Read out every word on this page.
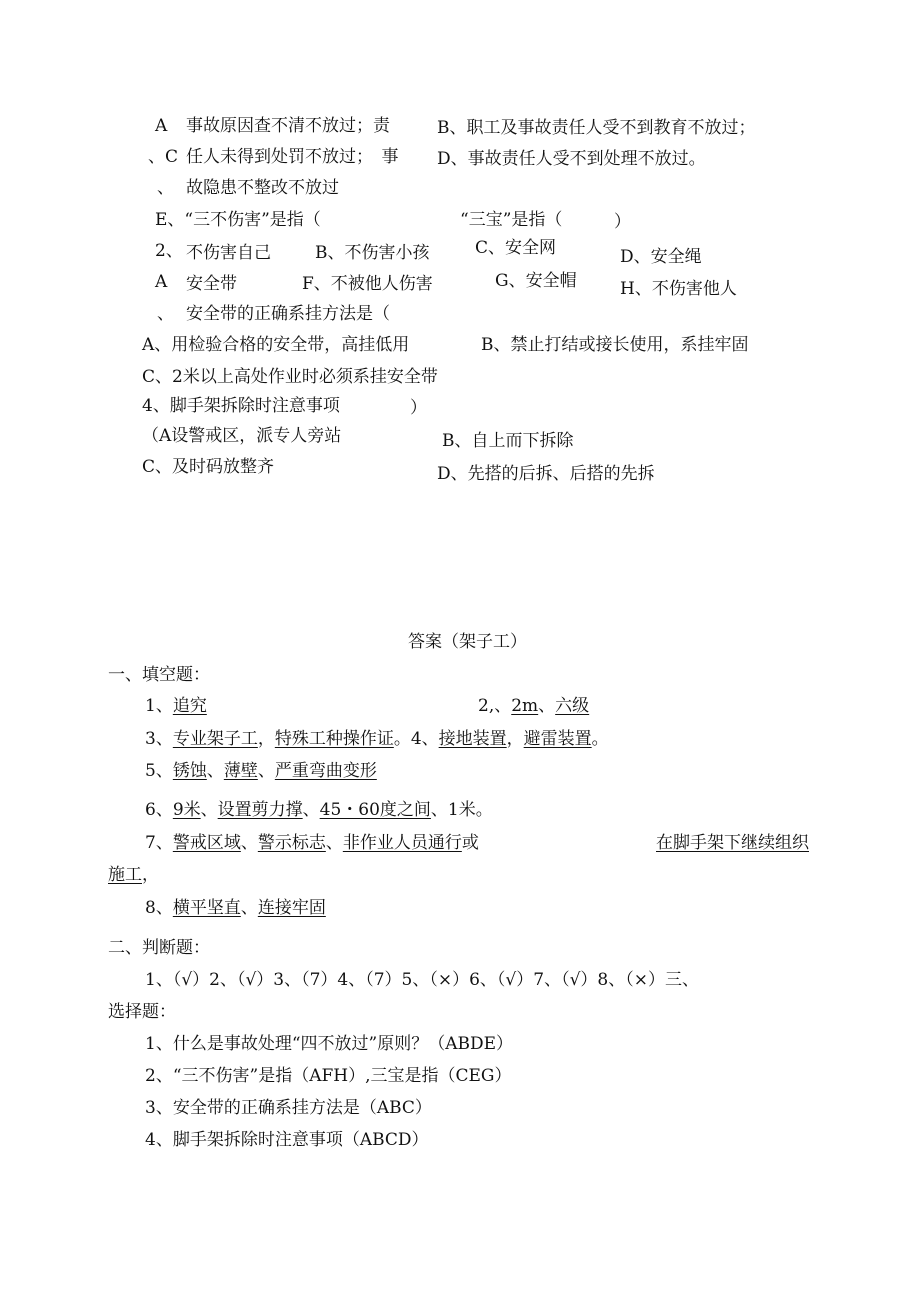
A 事故原因查不清不放过；责	B、职工及事故责任人受不到教育不放过；
、C 任人未得到处罚不放过；　事 D、事故责任人受不到处理不放过。
、 故隐患不整改不放过
E、“三不伤害”是指（	“三宝”是指（	）
2、 不伤害自己	B、不伤害小孩	C、安全网	D、安全绳
A 安全带	F、不被他人伤害	G、安全帽	H、不伤害他人
、 安全带的正确系挂方法是（
A、用检验合格的安全带，高挂低用	B、禁止打结或接长使用，系挂牢固
C、2米以上高处作业时必须系挂安全带
4、脚手架拆除时注意事项	）
（A设警戒区，派专人旁站	B、自上而下拆除
C、及时码放整齐	D、先搭的后拆、后搭的先拆
答案（架子工）
一、填空题：
1、追究	2,、2m、六级
3、专业架子工，特殊工种操作证。4、接地装置，避雷装置。
5、锈蚀、薄壁、严重弯曲变形
6、9米、设置剪力撑、45・60度之间、1米。
7、警戒区域、警示标志、非作业人员通行或	在脚手架下继续组织
施工，
8、横平坚直、连接牢固
二、判断题：
1、（√）2、（√）3、（7）4、（7）5、（×）6、（√）7、（√）8、（×）三、
选择题：
1、什么是事故处理“四不放过”原则？（ABDE）
2、“三不伤害”是指（AFH）,三宝是指（CEG）
3、安全带的正确系挂方法是（ABC）
4、脚手架拆除时注意事项（ABCD）
